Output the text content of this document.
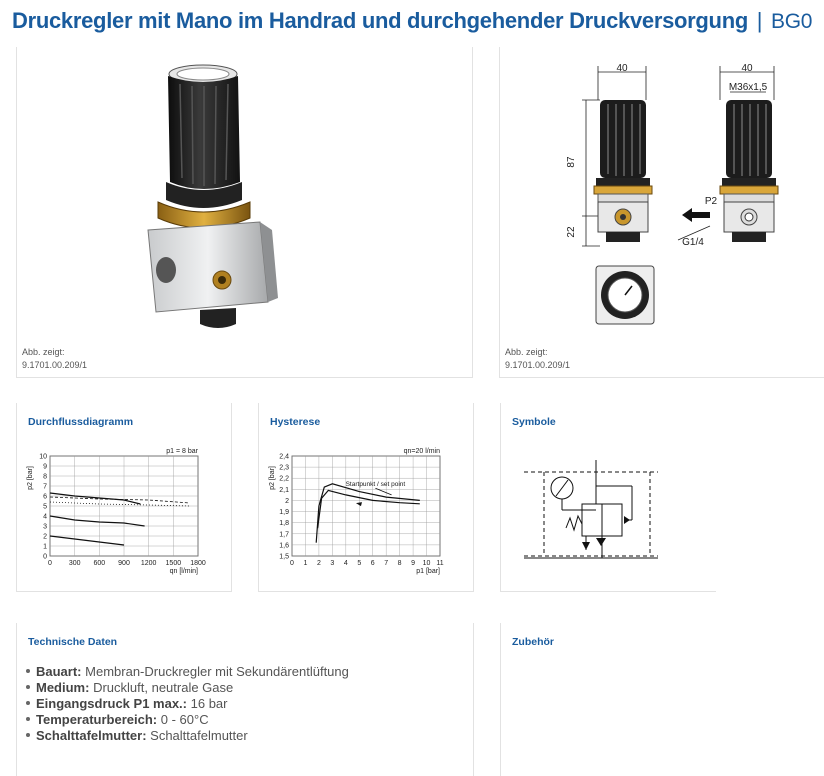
Druckregler mit Mano im Handrad und durchgehender Druckversorgung | BG0
Abb. zeigt:
9.1701.00.209/1
40	40
M36x1,5
87
22
P2
G1/4
Abb. zeigt:
9.1701.00.209/1
Durchflussdiagramm
0
1
2
3
4
5
6
7
8
9
10
0 300 600 900 1200 1500 1800
qn [l/min]
p2 [bar]
p1 = 8 bar
Hysterese
1,5
1,6
1,7
1,8
1,9
2
2,1
2,2
2,3
2,4
0 1 2 3 4 5 6 7 8 9 10 11
p1 [bar]
p2 [bar]
qn=20 l/min
Startpunkt / set point
Symbole
Technische Daten
Bauart: Membran-Druckregler mit Sekundärentlüftung
Medium: Druckluft, neutrale Gase
Eingangsdruck P1 max.: 16 bar
Temperaturbereich: 0 - 60°C
Schalttafelmutter: Schalttafelmutter
Zubehör
